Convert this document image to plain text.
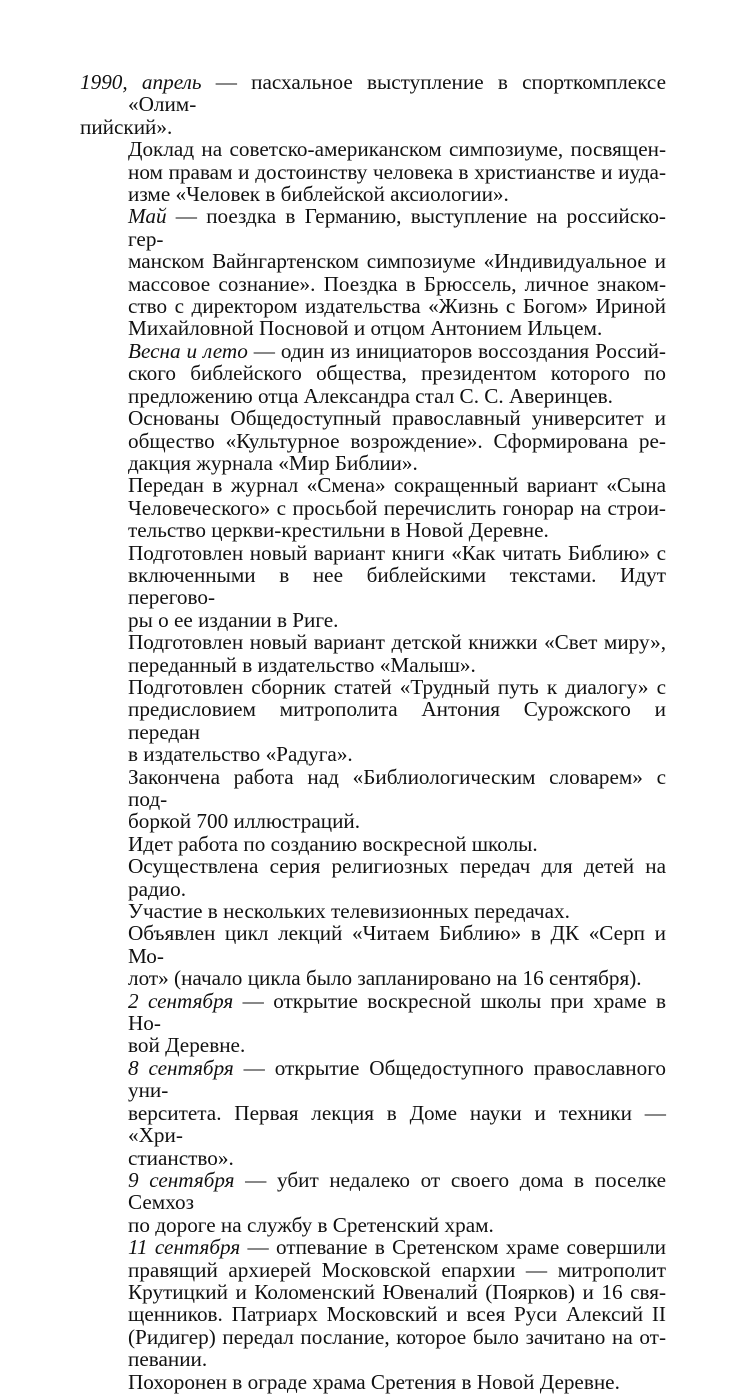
1990, апрель — пасхальное выступление в спорткомплексе «Олим-
пийский».

Доклад на советско-американском симпозиуме, посвящен-
ном правам и достоинству человека в христианстве и иуда-
изме «Человек в библейской аксиологии».

Май — поездка в Германию, выступление на российско-гер-
манском Вайнгартенском симпозиуме «Индивидуальное и
массовое сознание». Поездка в Брюссель, личное знаком-
ство с директором издательства «Жизнь с Богом» Ириной
Михайловной Посновой и отцом Антонием Ильцем.

Весна и лето — один из инициаторов воссоздания Россий-
ского библейского общества, президентом которого по
предложению отца Александра стал С. С. Аверинцев.

Основаны Общедоступный православный университет и
общество «Культурное возрождение». Сформирована ре-
дакция журнала «Мир Библии».

Передан в журнал «Смена» сокращенный вариант «Сына
Человеческого» с просьбой перечислить гонорар на строи-
тельство церкви-крестильни в Новой Деревне.

Подготовлен новый вариант книги «Как читать Библию» с
включенными в нее библейскими текстами. Идут перегово-
ры о ее издании в Риге.

Подготовлен новый вариант детской книжки «Свет миру»,
переданный в издательство «Малыш».

Подготовлен сборник статей «Трудный путь к диалогу» с
предисловием митрополита Антония Сурожского и передан
в издательство «Радуга».

Закончена работа над «Библиологическим словарем» с под-
боркой 700 иллюстраций.

Идет работа по созданию воскресной школы.

Осуществлена серия религиозных передач для детей на радио.
Участие в нескольких телевизионных передачах.

Объявлен цикл лекций «Читаем Библию» в ДК «Серп и Мо-
лот» (начало цикла было запланировано на 16 сентября).

2 сентября — открытие воскресной школы при храме в Но-
вой Деревне.

8 сентября — открытие Общедоступного православного уни-
верситета. Первая лекция в Доме науки и техники — «Хри-
стианство».

9 сентября — убит недалеко от своего дома в поселке Семхоз
по дороге на службу в Сретенский храм.

11 сентября — отпевание в Сретенском храме совершили
правящий архиерей Московской епархии — митрополит
Крутицкий и Коломенский Ювеналий (Поярков) и 16 свя-
щенников. Патриарх Московский и всея Руси Алексий II
(Ридигер) передал послание, которое было зачитано на от-
певании.

Похоронен в ограде храма Сретения в Новой Деревне.
